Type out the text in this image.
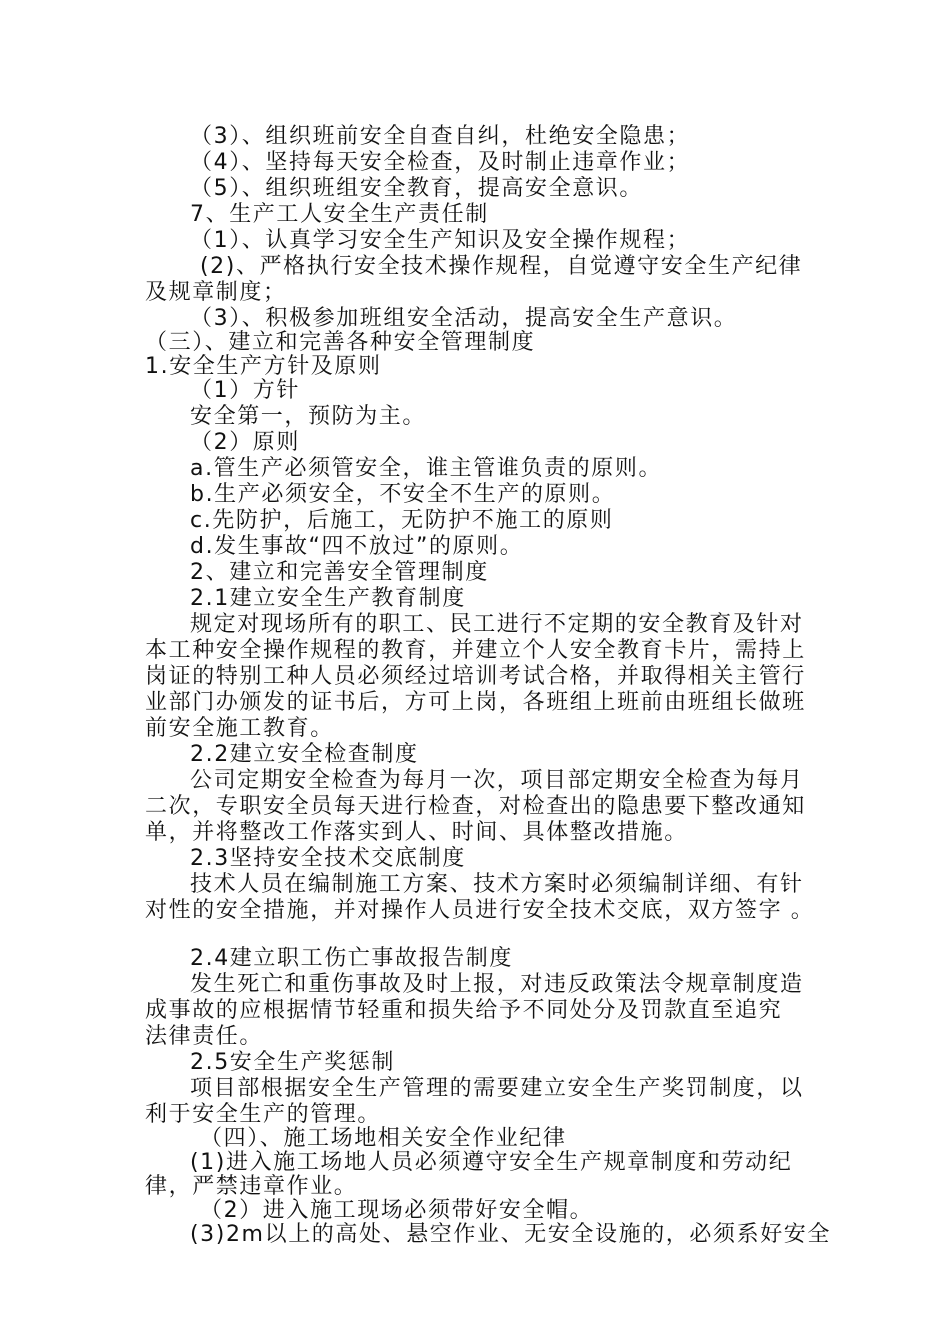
（3）、组织班前安全自查自纠，杜绝安全隐患；
（4）、坚持每天安全检查，及时制止违章作业；
（5）、组织班组安全教育，提高安全意识。
7、生产工人安全生产责任制
（1）、认真学习安全生产知识及安全操作规程；
(2)、严格执行安全技术操作规程，自觉遵守安全生产纪律
及规章制度；
（3）、积极参加班组安全活动，提高安全生产意识。
（三）、建立和完善各种安全管理制度
1.安全生产方针及原则
（1）方针
安全第一，预防为主。
（2）原则
a.管生产必须管安全，谁主管谁负责的原则。
b.生产必须安全，不安全不生产的原则。
c.先防护，后施工，无防护不施工的原则
d.发生事故“四不放过”的原则。
2、建立和完善安全管理制度
2.1建立安全生产教育制度
规定对现场所有的职工、民工进行不定期的安全教育及针对
本工种安全操作规程的教育，并建立个人安全教育卡片，需持上
岗证的特别工种人员必须经过培训考试合格，并取得相关主管行
业部门办颁发的证书后，方可上岗，各班组上班前由班组长做班
前安全施工教育。
2.2建立安全检查制度
公司定期安全检查为每月一次，项目部定期安全检查为每月
二次，专职安全员每天进行检查，对检查出的隐患要下整改通知
单，并将整改工作落实到人、时间、具体整改措施。
2.3坚持安全技术交底制度
技术人员在编制施工方案、技术方案时必须编制详细、有针
对性的安全措施，并对操作人员进行安全技术交底，双方签字 。
2.4建立职工伤亡事故报告制度
发生死亡和重伤事故及时上报，对违反政策法令规章制度造
成事故的应根据情节轻重和损失给予不同处分及罚款直至追究
法律责任。
2.5安全生产奖惩制
项目部根据安全生产管理的需要建立安全生产奖罚制度，以
利于安全生产的管理。
（四）、施工场地相关安全作业纪律
(1)进入施工场地人员必须遵守安全生产规章制度和劳动纪
律，严禁违章作业。
（2）进入施工现场必须带好安全帽。
(3)2m以上的高处、悬空作业、无安全设施的，必须系好安全
